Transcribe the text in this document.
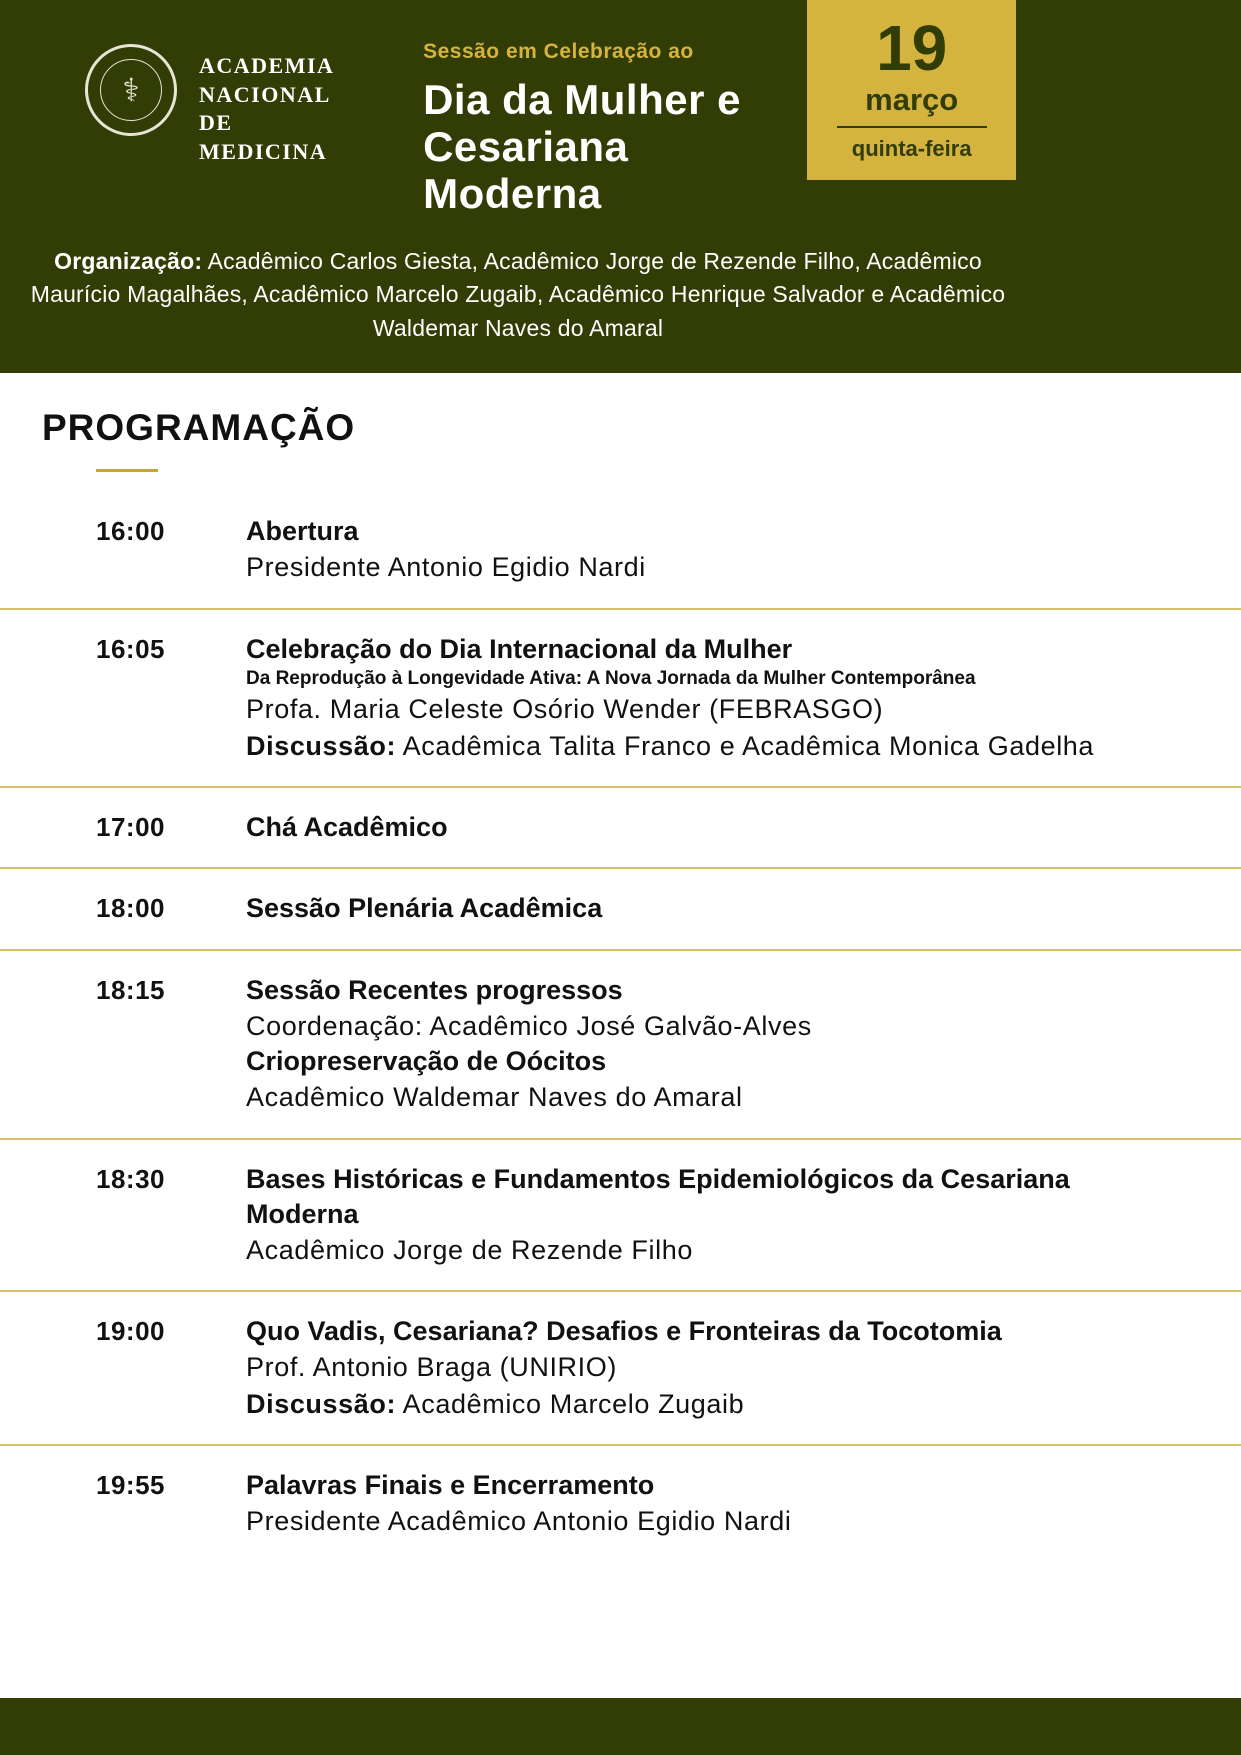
⚕
ACADEMIA
NACIONAL DE
MEDICINA
Sessão em Celebração ao
Dia da Mulher e
Cesariana Moderna
19
março
quinta-feira

Organização: Acadêmico Carlos Giesta, Acadêmico Jorge de Rezende Filho, Acadêmico Maurício Magalhães, Acadêmico Marcelo Zugaib, Acadêmico Henrique Salvador e Acadêmico Waldemar Naves do Amaral

PROGRAMAÇÃO
16:00	Abertura

Presidente Antonio Egidio Nardi

16:05	Celebração do Dia Internacional da Mulher

Da Reprodução à Longevidade Ativa: A Nova Jornada da Mulher Contemporânea

Profa. Maria Celeste Osório Wender (FEBRASGO)

Discussão: Acadêmica Talita Franco e Acadêmica Monica Gadelha

17:00	Chá Acadêmico

18:00	Sessão Plenária Acadêmica

18:15	Sessão Recentes progressos

Coordenação: Acadêmico José Galvão-Alves

Criopreservação de Oócitos

Acadêmico Waldemar Naves do Amaral

18:30	Bases Históricas e Fundamentos Epidemiológicos da Cesariana Moderna

Acadêmico Jorge de Rezende Filho

19:00	Quo Vadis, Cesariana? Desafios e Fronteiras da Tocotomia

Prof. Antonio Braga (UNIRIO)

Discussão: Acadêmico Marcelo Zugaib

19:55	Palavras Finais e Encerramento

Presidente Acadêmico Antonio Egidio Nardi
